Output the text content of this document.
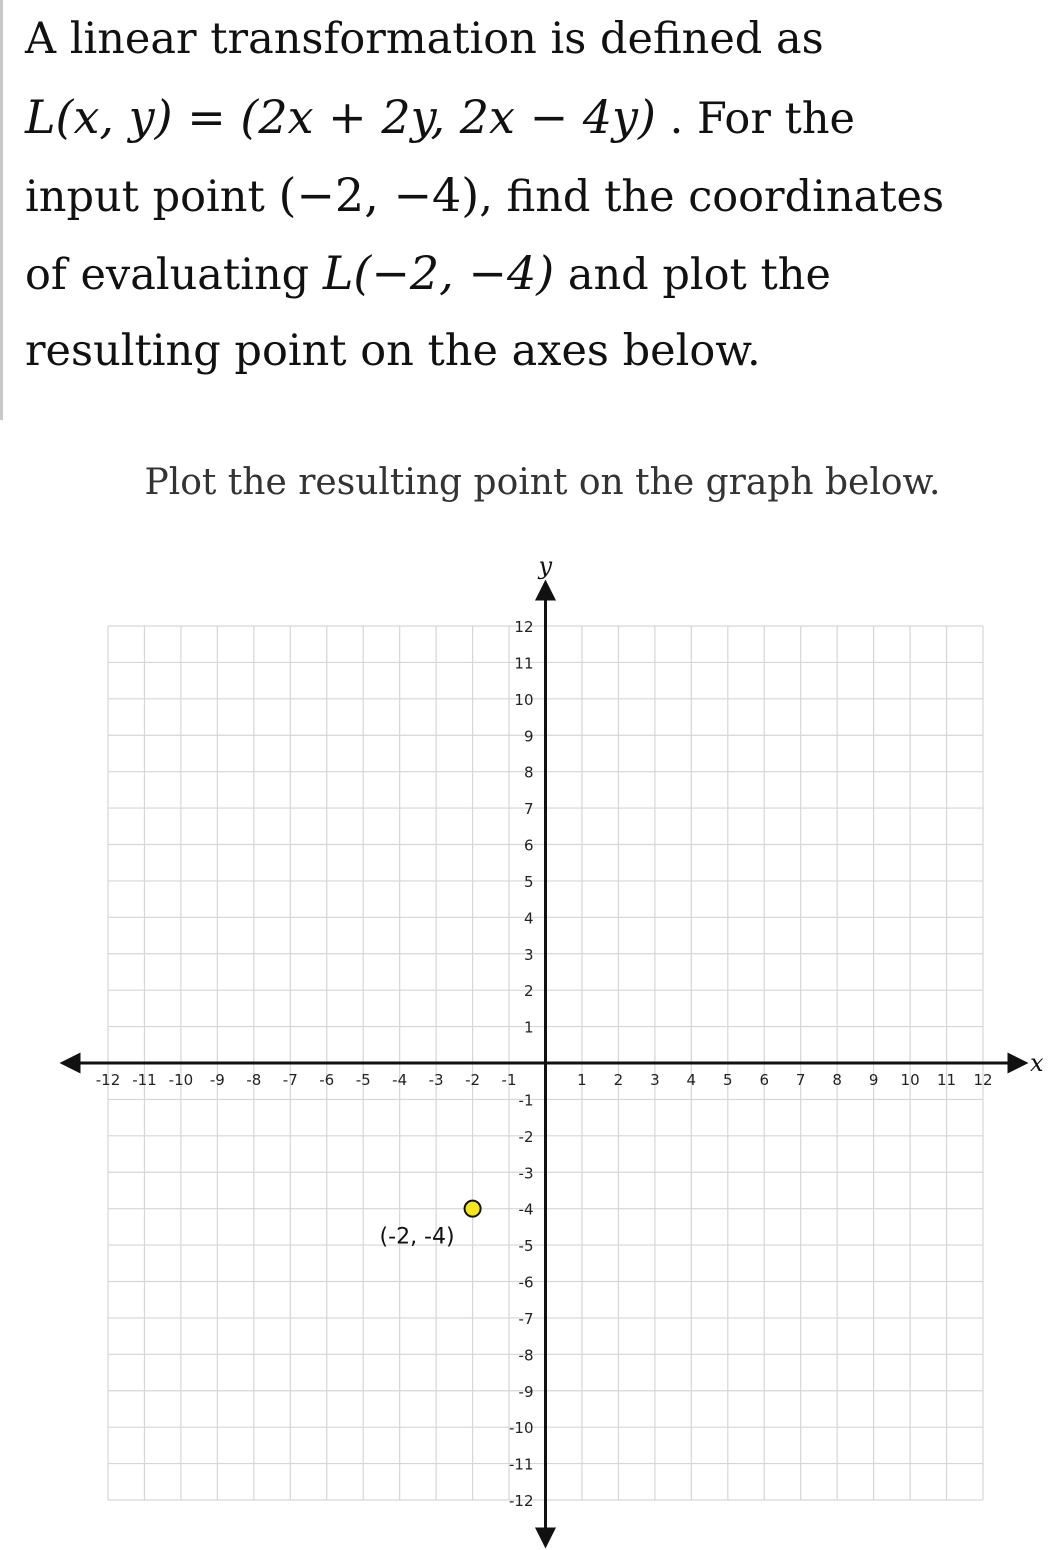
A linear transformation is defined as
L(x, y) = (2x + 2y, 2x − 4y) . For the
input point (−2, −4), find the coordinates
of evaluating L(−2, −4) and plot the
resulting point on the axes below.
Plot the resulting point on the graph below.
x
y
-12 -11 -10 -9 -8 -7 -6 -5 -4 -3 -2 -1	1 2 3 4 5 6 7 8 9 10 11 12
12
11
10
9
8
7
6
5
4
3
2
1
-1
-2
-3
-4
-5
-6
-7
-8
-9
-10
-11
-12
(-2, -4)
